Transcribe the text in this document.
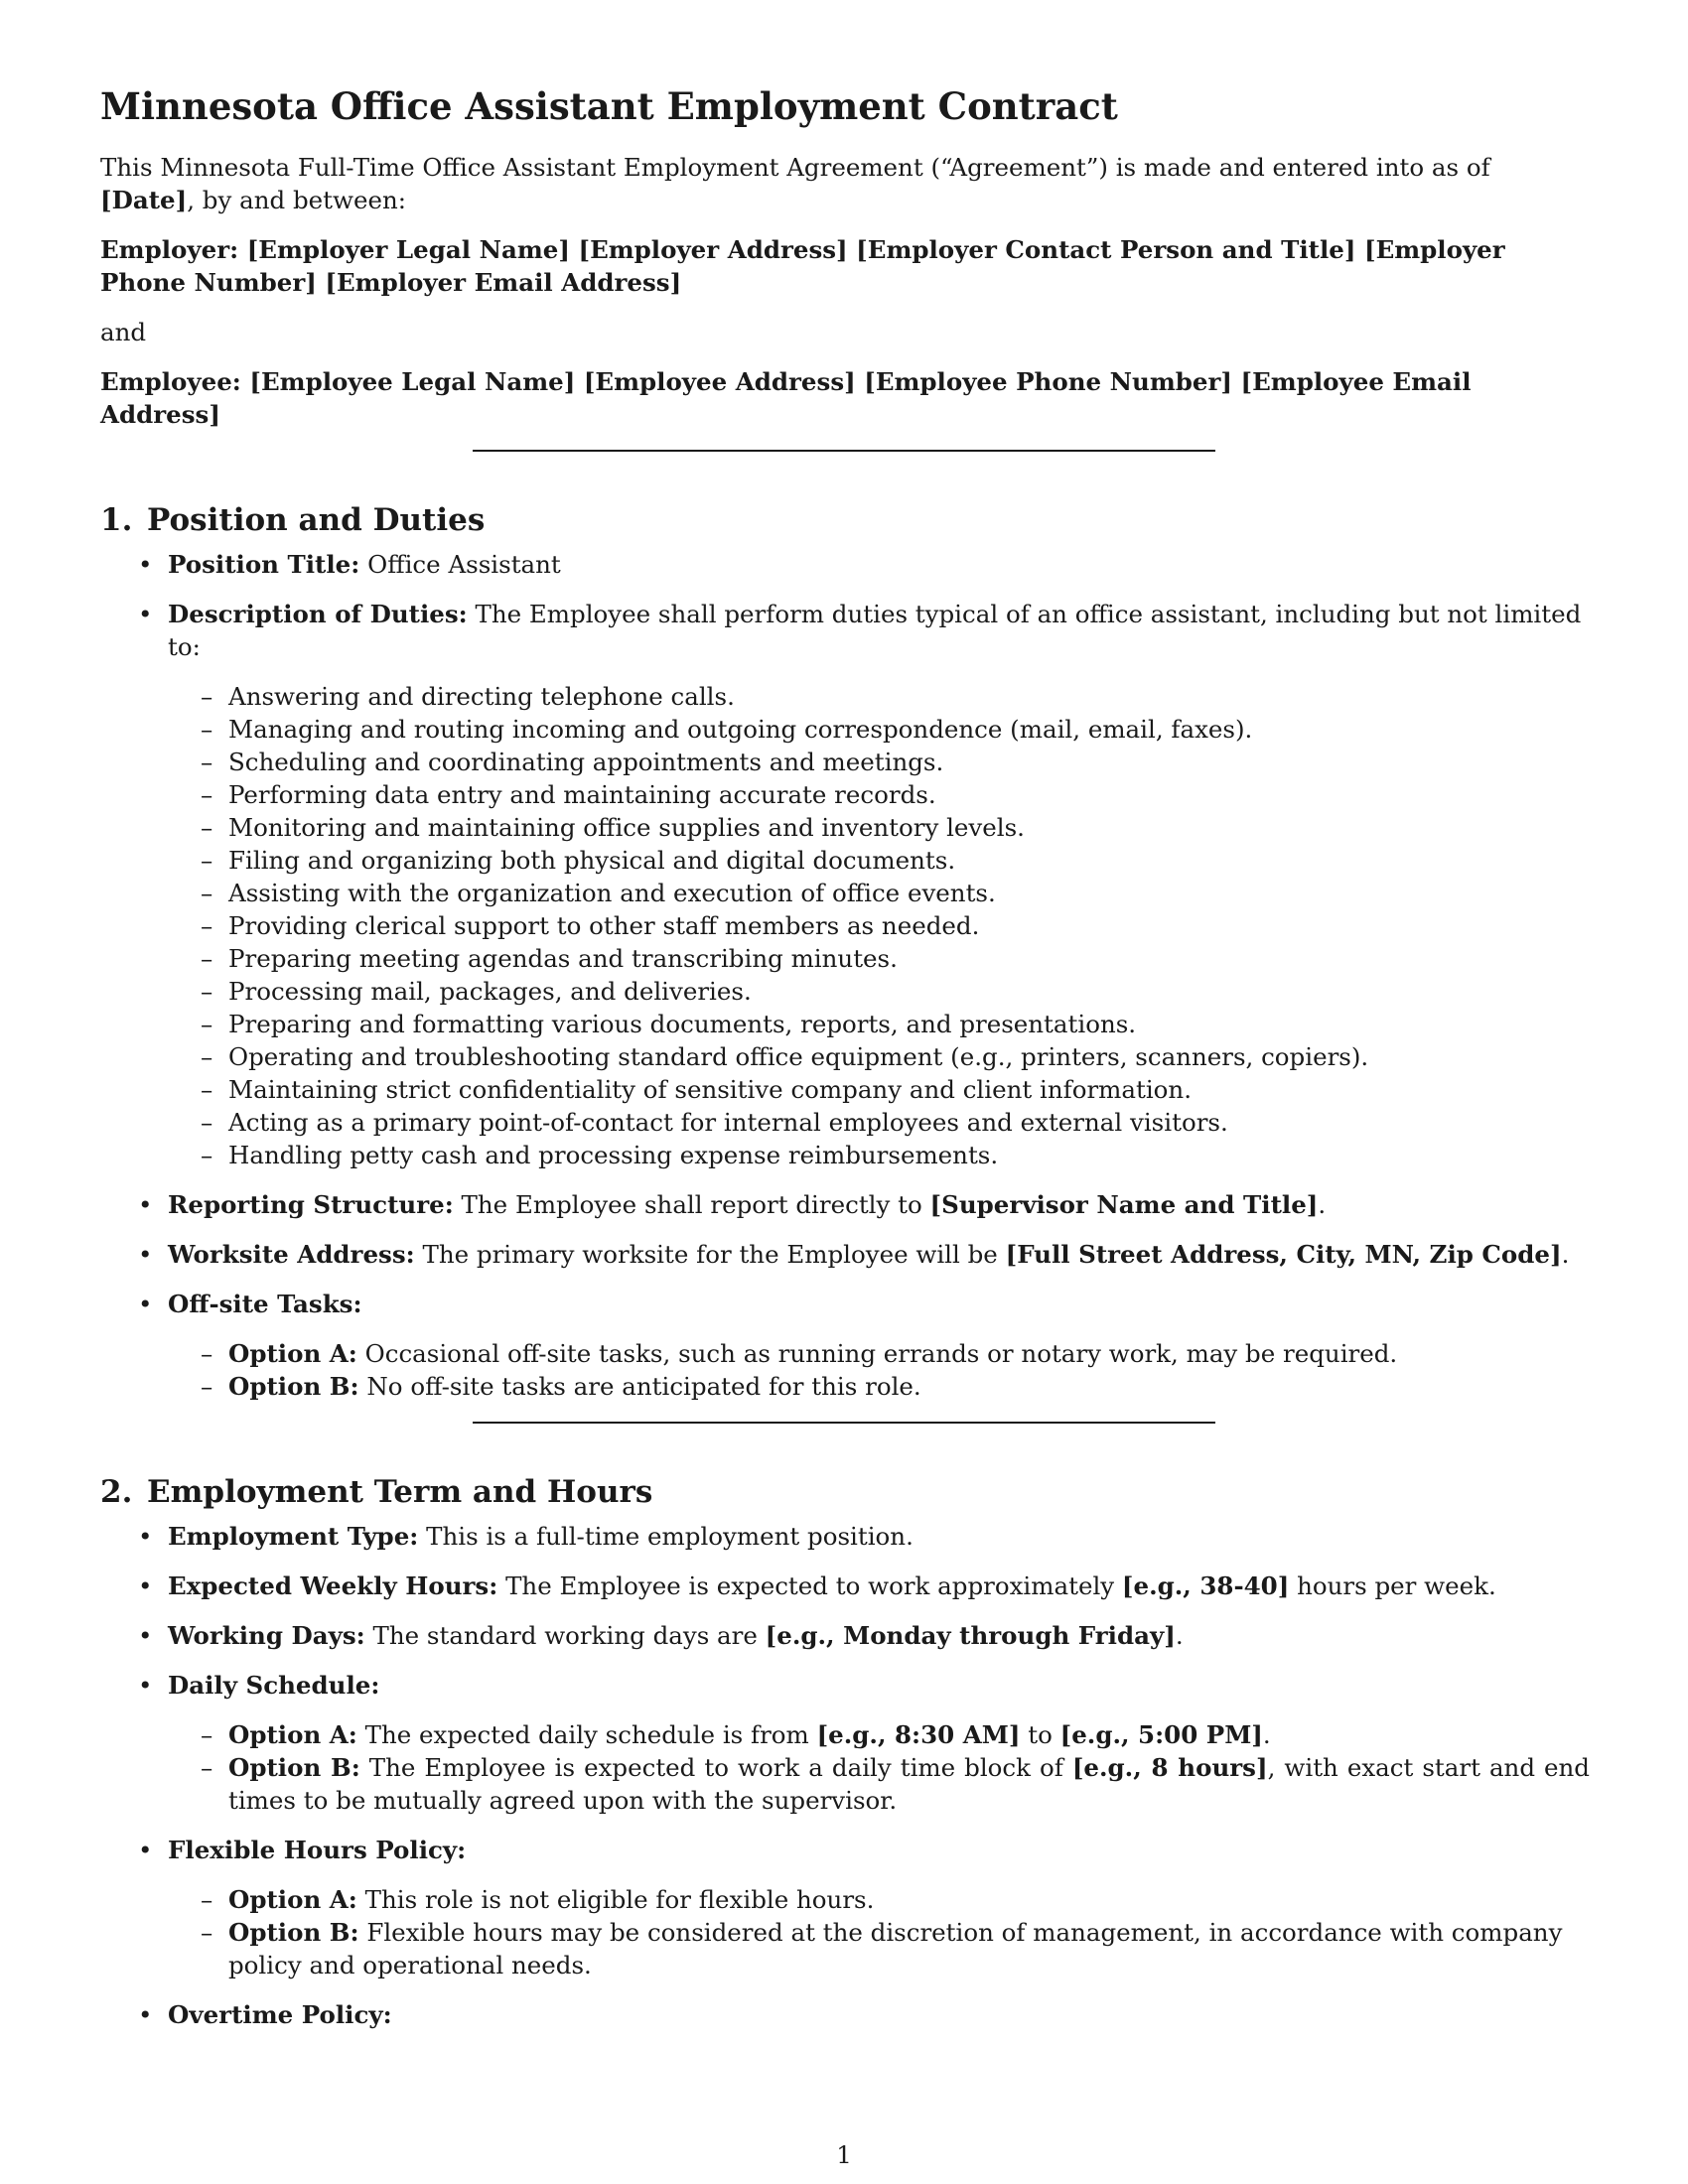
Minnesota Office Assistant Employment Contract

This Minnesota Full-Time Office Assistant Employment Agreement (“Agreement”) is made and entered into as of [Date], by and between:

Employer: [Employer Legal Name] [Employer Address] [Employer Contact Person and Title] [Employer Phone Number] [Employer Email Address]

and

Employee: [Employee Legal Name] [Employee Address] [Employee Phone Number] [Employee Email Address]

1. Position and Duties
• Position Title: Office Assistant
• Description of Duties: The Employee shall perform duties typical of an office assistant, including but not limited to:
– Answering and directing telephone calls.
– Managing and routing incoming and outgoing correspondence (mail, email, faxes).
– Scheduling and coordinating appointments and meetings.
– Performing data entry and maintaining accurate records.
– Monitoring and maintaining office supplies and inventory levels.
– Filing and organizing both physical and digital documents.
– Assisting with the organization and execution of office events.
– Providing clerical support to other staff members as needed.
– Preparing meeting agendas and transcribing minutes.
– Processing mail, packages, and deliveries.
– Preparing and formatting various documents, reports, and presentations.
– Operating and troubleshooting standard office equipment (e.g., printers, scanners, copiers).
– Maintaining strict confidentiality of sensitive company and client information.
– Acting as a primary point-of-contact for internal employees and external visitors.
– Handling petty cash and processing expense reimbursements.
• Reporting Structure: The Employee shall report directly to [Supervisor Name and Title].
• Worksite Address: The primary worksite for the Employee will be [Full Street Address, City, MN, Zip Code].
• Off-site Tasks:
– Option A: Occasional off-site tasks, such as running errands or notary work, may be required.
– Option B: No off-site tasks are anticipated for this role.
2. Employment Term and Hours
• Employment Type: This is a full-time employment position.
• Expected Weekly Hours: The Employee is expected to work approximately [e.g., 38-40] hours per week.
• Working Days: The standard working days are [e.g., Monday through Friday].
• Daily Schedule:
– Option A: The expected daily schedule is from [e.g., 8:30 AM] to [e.g., 5:00 PM].
– Option B: The Employee is expected to work a daily time block of [e.g., 8 hours], with exact start and end times to be mutually agreed upon with the supervisor.
• Flexible Hours Policy:
– Option A: This role is not eligible for flexible hours.
– Option B: Flexible hours may be considered at the discretion of management, in accordance with company policy and operational needs.
• Overtime Policy:
1
